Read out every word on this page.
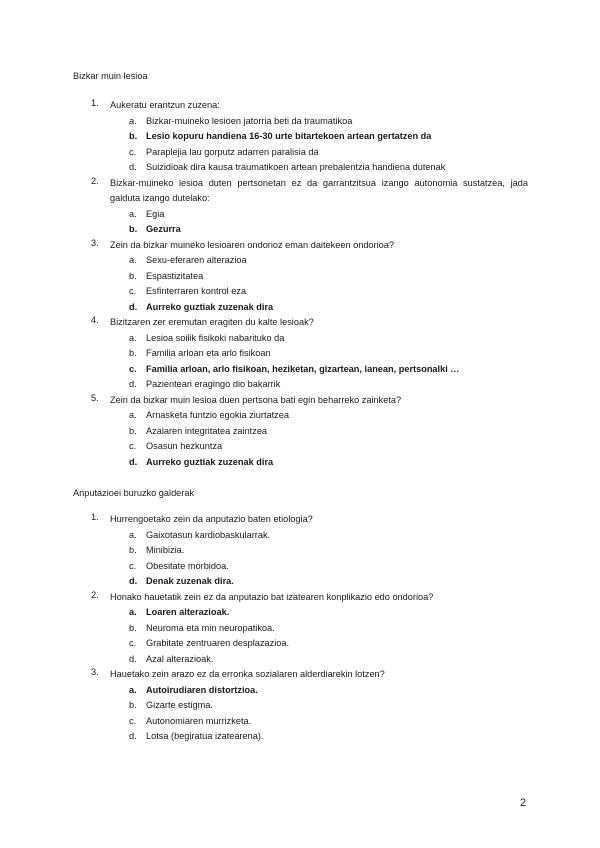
Bizkar muin lesioa
1. Aukeratu erantzun zuzena:
a. Bizkar-muineko lesioen jatorria beti da traumatikoa
b. Lesio kopuru handiena 16-30 urte bitartekoen artean gertatzen da
c. Paraplejia lau gorputz adarren paralisia da
d. Suizidioak dira kausa traumatikoen artean prebalentzia handiena dutenak
2. Bizkar-muineko lesioa duten pertsonetan ez da garrantzitsua izango autonomia sustatzea, jada galduta izango dutelako:
a. Egia
b. Gezurra
3. Zein da bizkar muineko lesioaren ondorioz eman daitekeen ondorioa?
a. Sexu-eferaren alterazioa
b. Espastizitatea
c. Esfinterraren kontrol eza
d. Aurreko guztiak zuzenak dira
4. Bizitzaren zer eremutan eragiten du kalte lesioak?
a. Lesioa soilik fisikoki nabarituko da
b. Familia arloan eta arlo fisikoan
c. Familia arloan, arlo fisikoan, heziketan, gizartean, lanean, pertsonalki …
d. Pazienteari eragingo dio bakarrik
5. Zein da bizkar muin lesioa duen pertsona bati egin beharreko zainketa?
a. Arnasketa funtzio egokia ziurtatzea
b. Azalaren integritatea zaintzea
c. Osasun hezkuntza
d. Aurreko guztiak zuzenak dira
Anputazioei buruzko galderak
1. Hurrengoetako zein da anputazio baten etiologia?
a. Gaixotasun kardiobaskularrak.
b. Minibizia.
c. Obesitate morbidoa.
d. Denak zuzenak dira.
2. Honako hauetatik zein ez da anputazio bat izatearen konplikazio edo ondorioa?
a. Loaren alterazioak.
b. Neuroma eta min neuropatikoa.
c. Grabitate zentruaren desplazazioa.
d. Azal alterazioak.
3. Hauetako zein arazo ez da erronka sozialaren alderdiarekin lotzen?
a. Autoirudiaren distortzioa.
b. Gizarte estigma.
c. Autonomiaren murrizketa.
d. Lotsa (begiratua izatearena).
2
